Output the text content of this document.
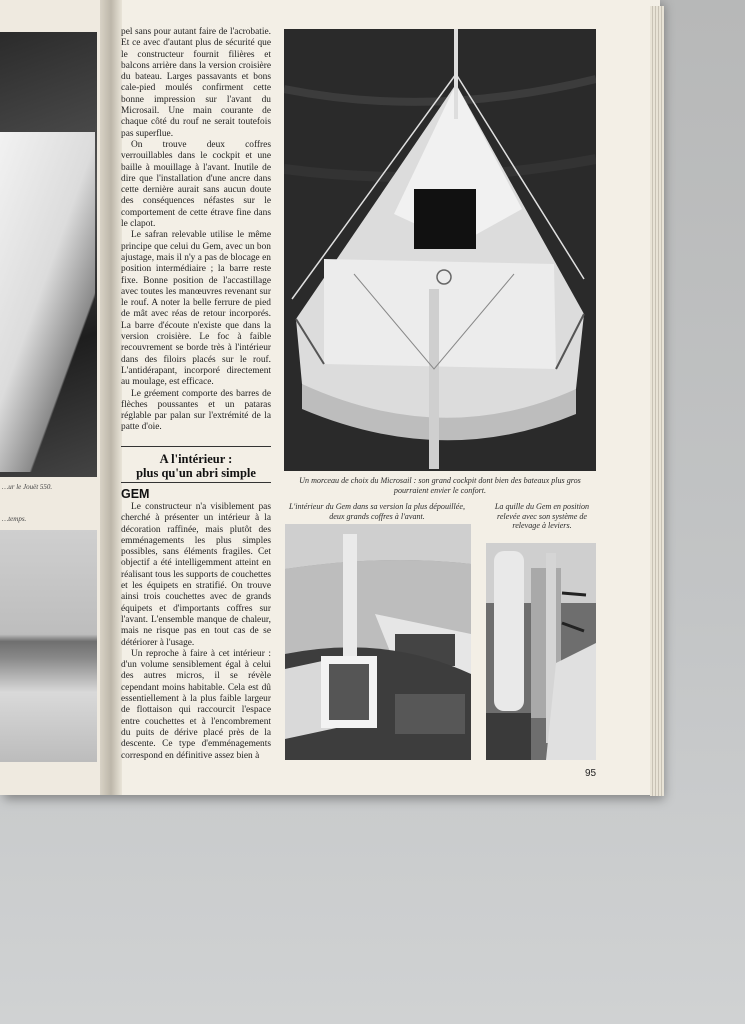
…ur le Jouët 550.
…temps.

pel sans pour autant faire de l'acrobatie. Et ce avec d'autant plus de sécurité que le constructeur fournit filières et balcons arrière dans la version croisière du bateau. Larges passavants et bons cale-pied moulés confirment cette bonne impression sur l'avant du Microsail. Une main courante de chaque côté du rouf ne serait toutefois pas superflue.

On trouve deux coffres verrouillables dans le cockpit et une baille à mouillage à l'avant. Inutile de dire que l'installation d'une ancre dans cette dernière aurait sans aucun doute des conséquences néfastes sur le comportement de cette étrave fine dans le clapot.

Le safran relevable utilise le même principe que celui du Gem, avec un bon ajustage, mais il n'y a pas de blocage en position intermédiaire ; la barre reste fixe. Bonne position de l'accastillage avec toutes les manœuvres revenant sur le rouf. A noter la belle ferrure de pied de mât avec réas de retour incorporés. La barre d'écoute n'existe que dans la version croisière. Le foc à faible recouvrement se borde très à l'intérieur dans des filoirs placés sur le rouf. L'antidérapant, incorporé directement au moulage, est efficace.

Le gréement comporte des barres de flèches poussantes et un pataras réglable par palan sur l'extrémité de la patte d'oie.

A l'intérieur :
plus qu'un abri simple
GEM

Le constructeur n'a visiblement pas cherché à présenter un intérieur à la décoration raffinée, mais plutôt des emménagements les plus simples possibles, sans éléments fragiles. Cet objectif a été intelligemment atteint en réalisant tous les supports de couchettes et les équipets en stratifié. On trouve ainsi trois couchettes avec de grands équipets et d'importants coffres sur l'avant. L'ensemble manque de chaleur, mais ne risque pas en tout cas de se détériorer à l'usage.

Un reproche à faire à cet intérieur : d'un volume sensiblement égal à celui des autres micros, il se révèle cependant moins habitable. Cela est dû essentiellement à la plus faible largeur de flottaison qui raccourcit l'espace entre couchettes et à l'encombrement du puits de dérive placé près de la descente. Ce type d'emménagements correspond en définitive assez bien à

Un morceau de choix du Microsail : son grand cockpit dont bien des bateaux plus gros pourraient envier le confort.
L'intérieur du Gem dans sa version la plus dépouillée, deux grands coffres à l'avant.
La quille du Gem en position relevée avec son système de relevage à leviers.
95
